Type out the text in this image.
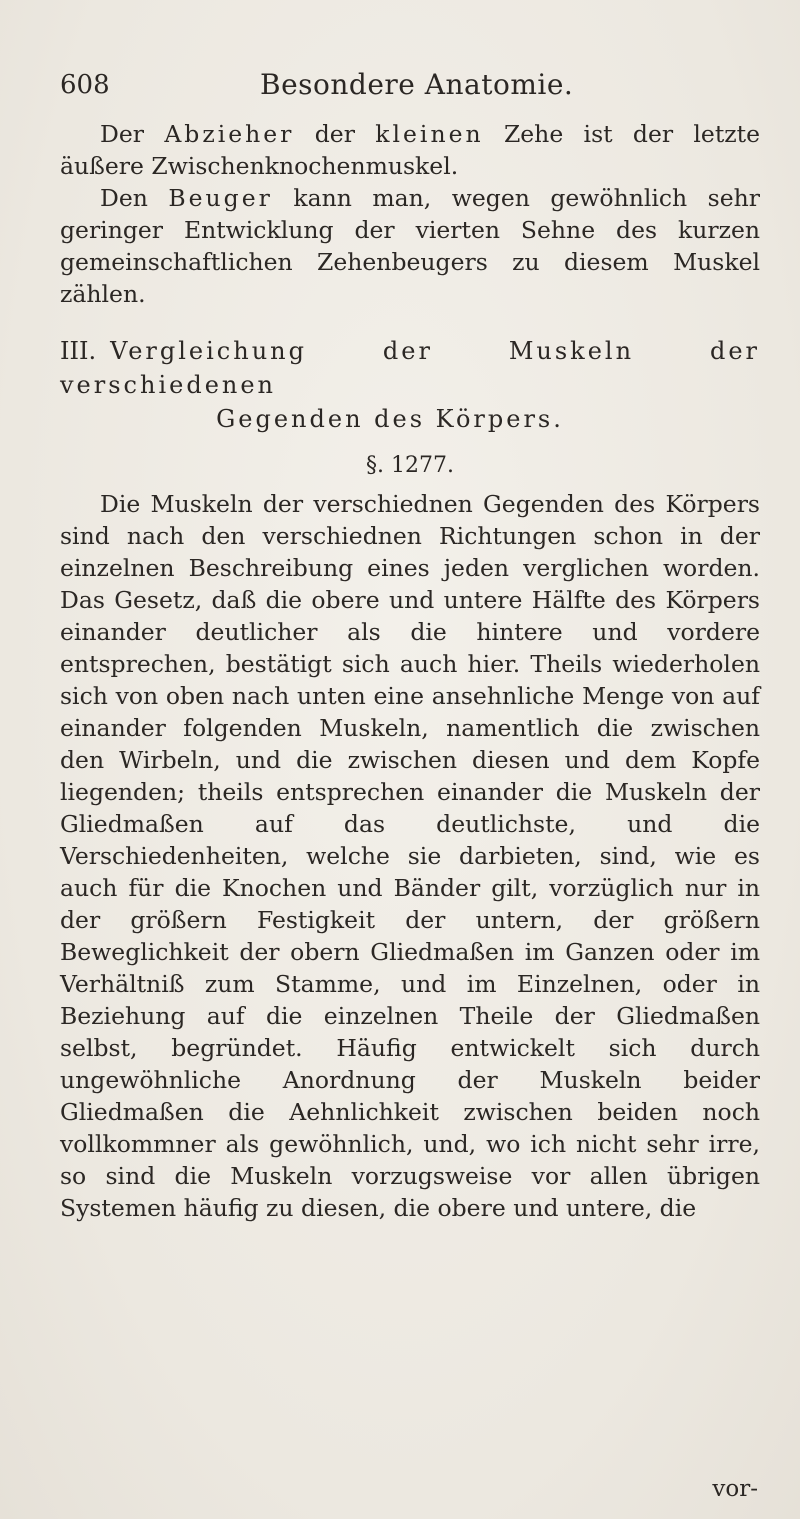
608	Besondere Anatomie.

Der Abzieher der kleinen Zehe ist der letzte äußere Zwischenknochenmuskel.

Den Beuger kann man, wegen gewöhnlich sehr geringer Entwicklung der vierten Sehne des kurzen gemeinschaftlichen Zehenbeugers zu diesem Muskel zählen.

III. Vergleichung der Muskeln der verschiedenen
Gegenden des Körpers.
§. 1277.

Die Muskeln der verschiednen Gegenden des Körpers sind nach den verschiednen Richtungen schon in der einzelnen Beschreibung eines jeden verglichen worden. Das Gesetz, daß die obere und untere Hälfte des Körpers einander deutlicher als die hintere und vordere entsprechen, bestätigt sich auch hier. Theils wiederholen sich von oben nach unten eine ansehnliche Menge von auf einander folgenden Muskeln, namentlich die zwischen den Wirbeln, und die zwischen diesen und dem Kopfe liegenden; theils entsprechen einander die Muskeln der Gliedmaßen auf das deutlichste, und die Verschiedenheiten, welche sie darbieten, sind, wie es auch für die Knochen und Bänder gilt, vorzüglich nur in der größern Festigkeit der untern, der größern Beweglichkeit der obern Gliedmaßen im Ganzen oder im Verhältniß zum Stamme, und im Einzelnen, oder in Beziehung auf die einzelnen Theile der Gliedmaßen selbst, begründet. Häufig entwickelt sich durch ungewöhnliche Anordnung der Muskeln beider Gliedmaßen die Aehnlichkeit zwischen beiden noch vollkommner als gewöhnlich, und, wo ich nicht sehr irre, so sind die Muskeln vorzugsweise vor allen übrigen Systemen häufig zu diesen, die obere und untere, die

vor-
